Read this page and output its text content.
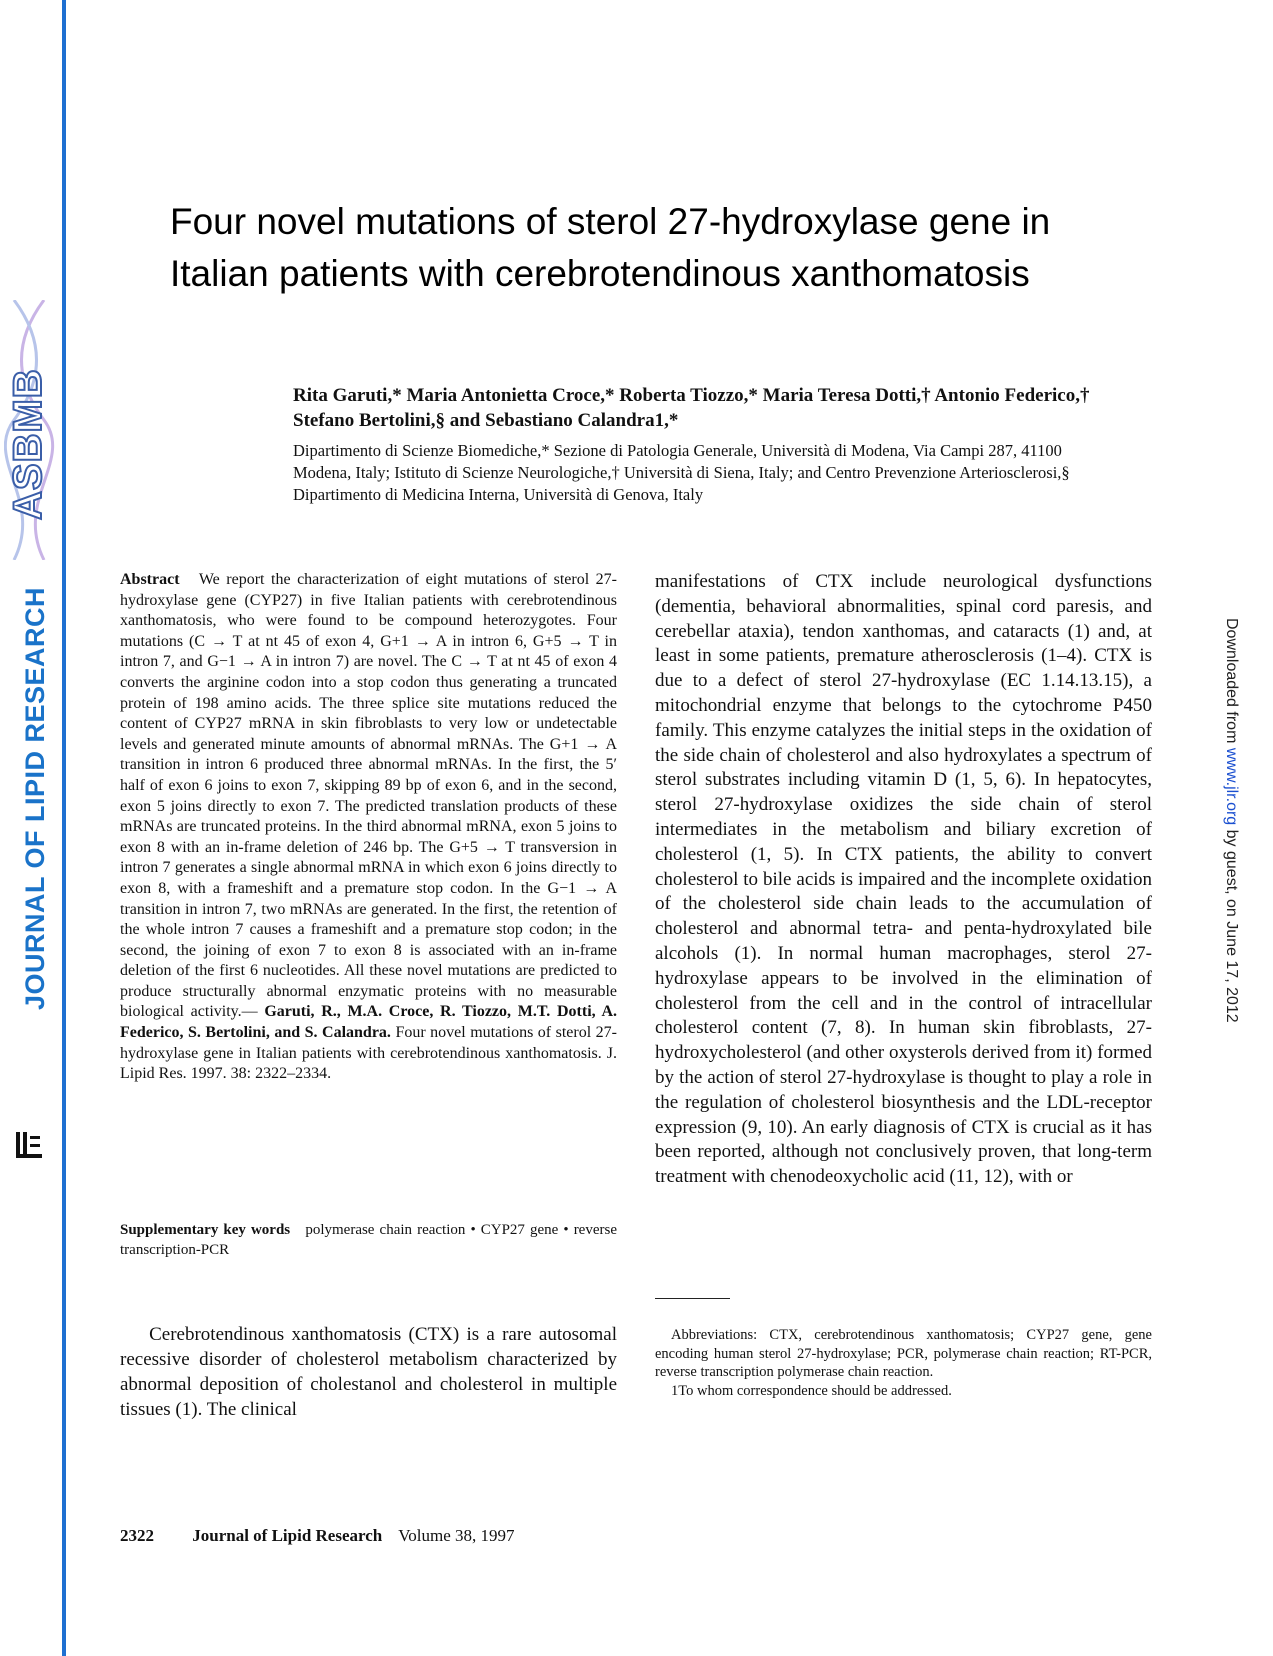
ASBMB
JOURNAL OF LIPID RESEARCH	Downloaded from www.jlr.org by guest, on June 17, 2012
Four novel mutations of sterol 27-hydroxylase gene in Italian patients with cerebrotendinous xanthomatosis

Rita Garuti,* Maria Antonietta Croce,* Roberta Tiozzo,* Maria Teresa Dotti,† Antonio Federico,† Stefano Bertolini,§ and Sebastiano Calandra1,*

Dipartimento di Scienze Biomediche,* Sezione di Patologia Generale, Università di Modena, Via Campi 287, 41100 Modena, Italy; Istituto di Scienze Neurologiche,† Università di Siena, Italy; and Centro Prevenzione Arteriosclerosi,§ Dipartimento di Medicina Interna, Università di Genova, Italy

Abstract We report the characterization of eight mutations of sterol 27-hydroxylase gene (CYP27) in five Italian patients with cerebrotendinous xanthomatosis, who were found to be compound heterozygotes. Four mutations (C → T at nt 45 of exon 4, G+1 → A in intron 6, G+5 → T in intron 7, and G−1 → A in intron 7) are novel. The C → T at nt 45 of exon 4 converts the arginine codon into a stop codon thus generating a truncated protein of 198 amino acids. The three splice site mutations reduced the content of CYP27 mRNA in skin fibroblasts to very low or undetectable levels and generated minute amounts of abnormal mRNAs. The G+1 → A transition in intron 6 produced three abnormal mRNAs. In the first, the 5′ half of exon 6 joins to exon 7, skipping 89 bp of exon 6, and in the second, exon 5 joins directly to exon 7. The predicted translation products of these mRNAs are truncated proteins. In the third abnormal mRNA, exon 5 joins to exon 8 with an in-frame deletion of 246 bp. The G+5 → T transversion in intron 7 generates a single abnormal mRNA in which exon 6 joins directly to exon 8, with a frameshift and a premature stop codon. In the G−1 → A transition in intron 7, two mRNAs are generated. In the first, the retention of the whole intron 7 causes a frameshift and a premature stop codon; in the second, the joining of exon 7 to exon 8 is associated with an in-frame deletion of the first 6 nucleotides. All these novel mutations are predicted to produce structurally abnormal enzymatic proteins with no measurable biological activity.— Garuti, R., M.A. Croce, R. Tiozzo, M.T. Dotti, A. Federico, S. Bertolini, and S. Calandra. Four novel mutations of sterol 27-hydroxylase gene in Italian patients with cerebrotendinous xanthomatosis. J. Lipid Res. 1997. 38: 2322–2334.

Supplementary key words polymerase chain reaction • CYP27 gene • reverse transcription-PCR

Cerebrotendinous xanthomatosis (CTX) is a rare autosomal recessive disorder of cholesterol metabolism characterized by abnormal deposition of cholestanol and cholesterol in multiple tissues (1). The clinical

manifestations of CTX include neurological dysfunctions (dementia, behavioral abnormalities, spinal cord paresis, and cerebellar ataxia), tendon xanthomas, and cataracts (1) and, at least in some patients, premature atherosclerosis (1–4). CTX is due to a defect of sterol 27-hydroxylase (EC 1.14.13.15), a mitochondrial enzyme that belongs to the cytochrome P450 family. This enzyme catalyzes the initial steps in the oxidation of the side chain of cholesterol and also hydroxylates a spectrum of sterol substrates including vitamin D (1, 5, 6). In hepatocytes, sterol 27-hydroxylase oxidizes the side chain of sterol intermediates in the metabolism and biliary excretion of cholesterol (1, 5). In CTX patients, the ability to convert cholesterol to bile acids is impaired and the incomplete oxidation of the cholesterol side chain leads to the accumulation of cholesterol and abnormal tetra- and penta-hydroxylated bile alcohols (1). In normal human macrophages, sterol 27-hydroxylase appears to be involved in the elimination of cholesterol from the cell and in the control of intracellular cholesterol content (7, 8). In human skin fibroblasts, 27-hydroxycholesterol (and other oxysterols derived from it) formed by the action of sterol 27-hydroxylase is thought to play a role in the regulation of cholesterol biosynthesis and the LDL-receptor expression (9, 10). An early diagnosis of CTX is crucial as it has been reported, although not conclusively proven, that long-term treatment with chenodeoxycholic acid (11, 12), with or

Abbreviations: CTX, cerebrotendinous xanthomatosis; CYP27 gene, gene encoding human sterol 27-hydroxylase; PCR, polymerase chain reaction; RT-PCR, reverse transcription polymerase chain reaction.
1To whom correspondence should be addressed.
2322 Journal of Lipid Research Volume 38, 1997
